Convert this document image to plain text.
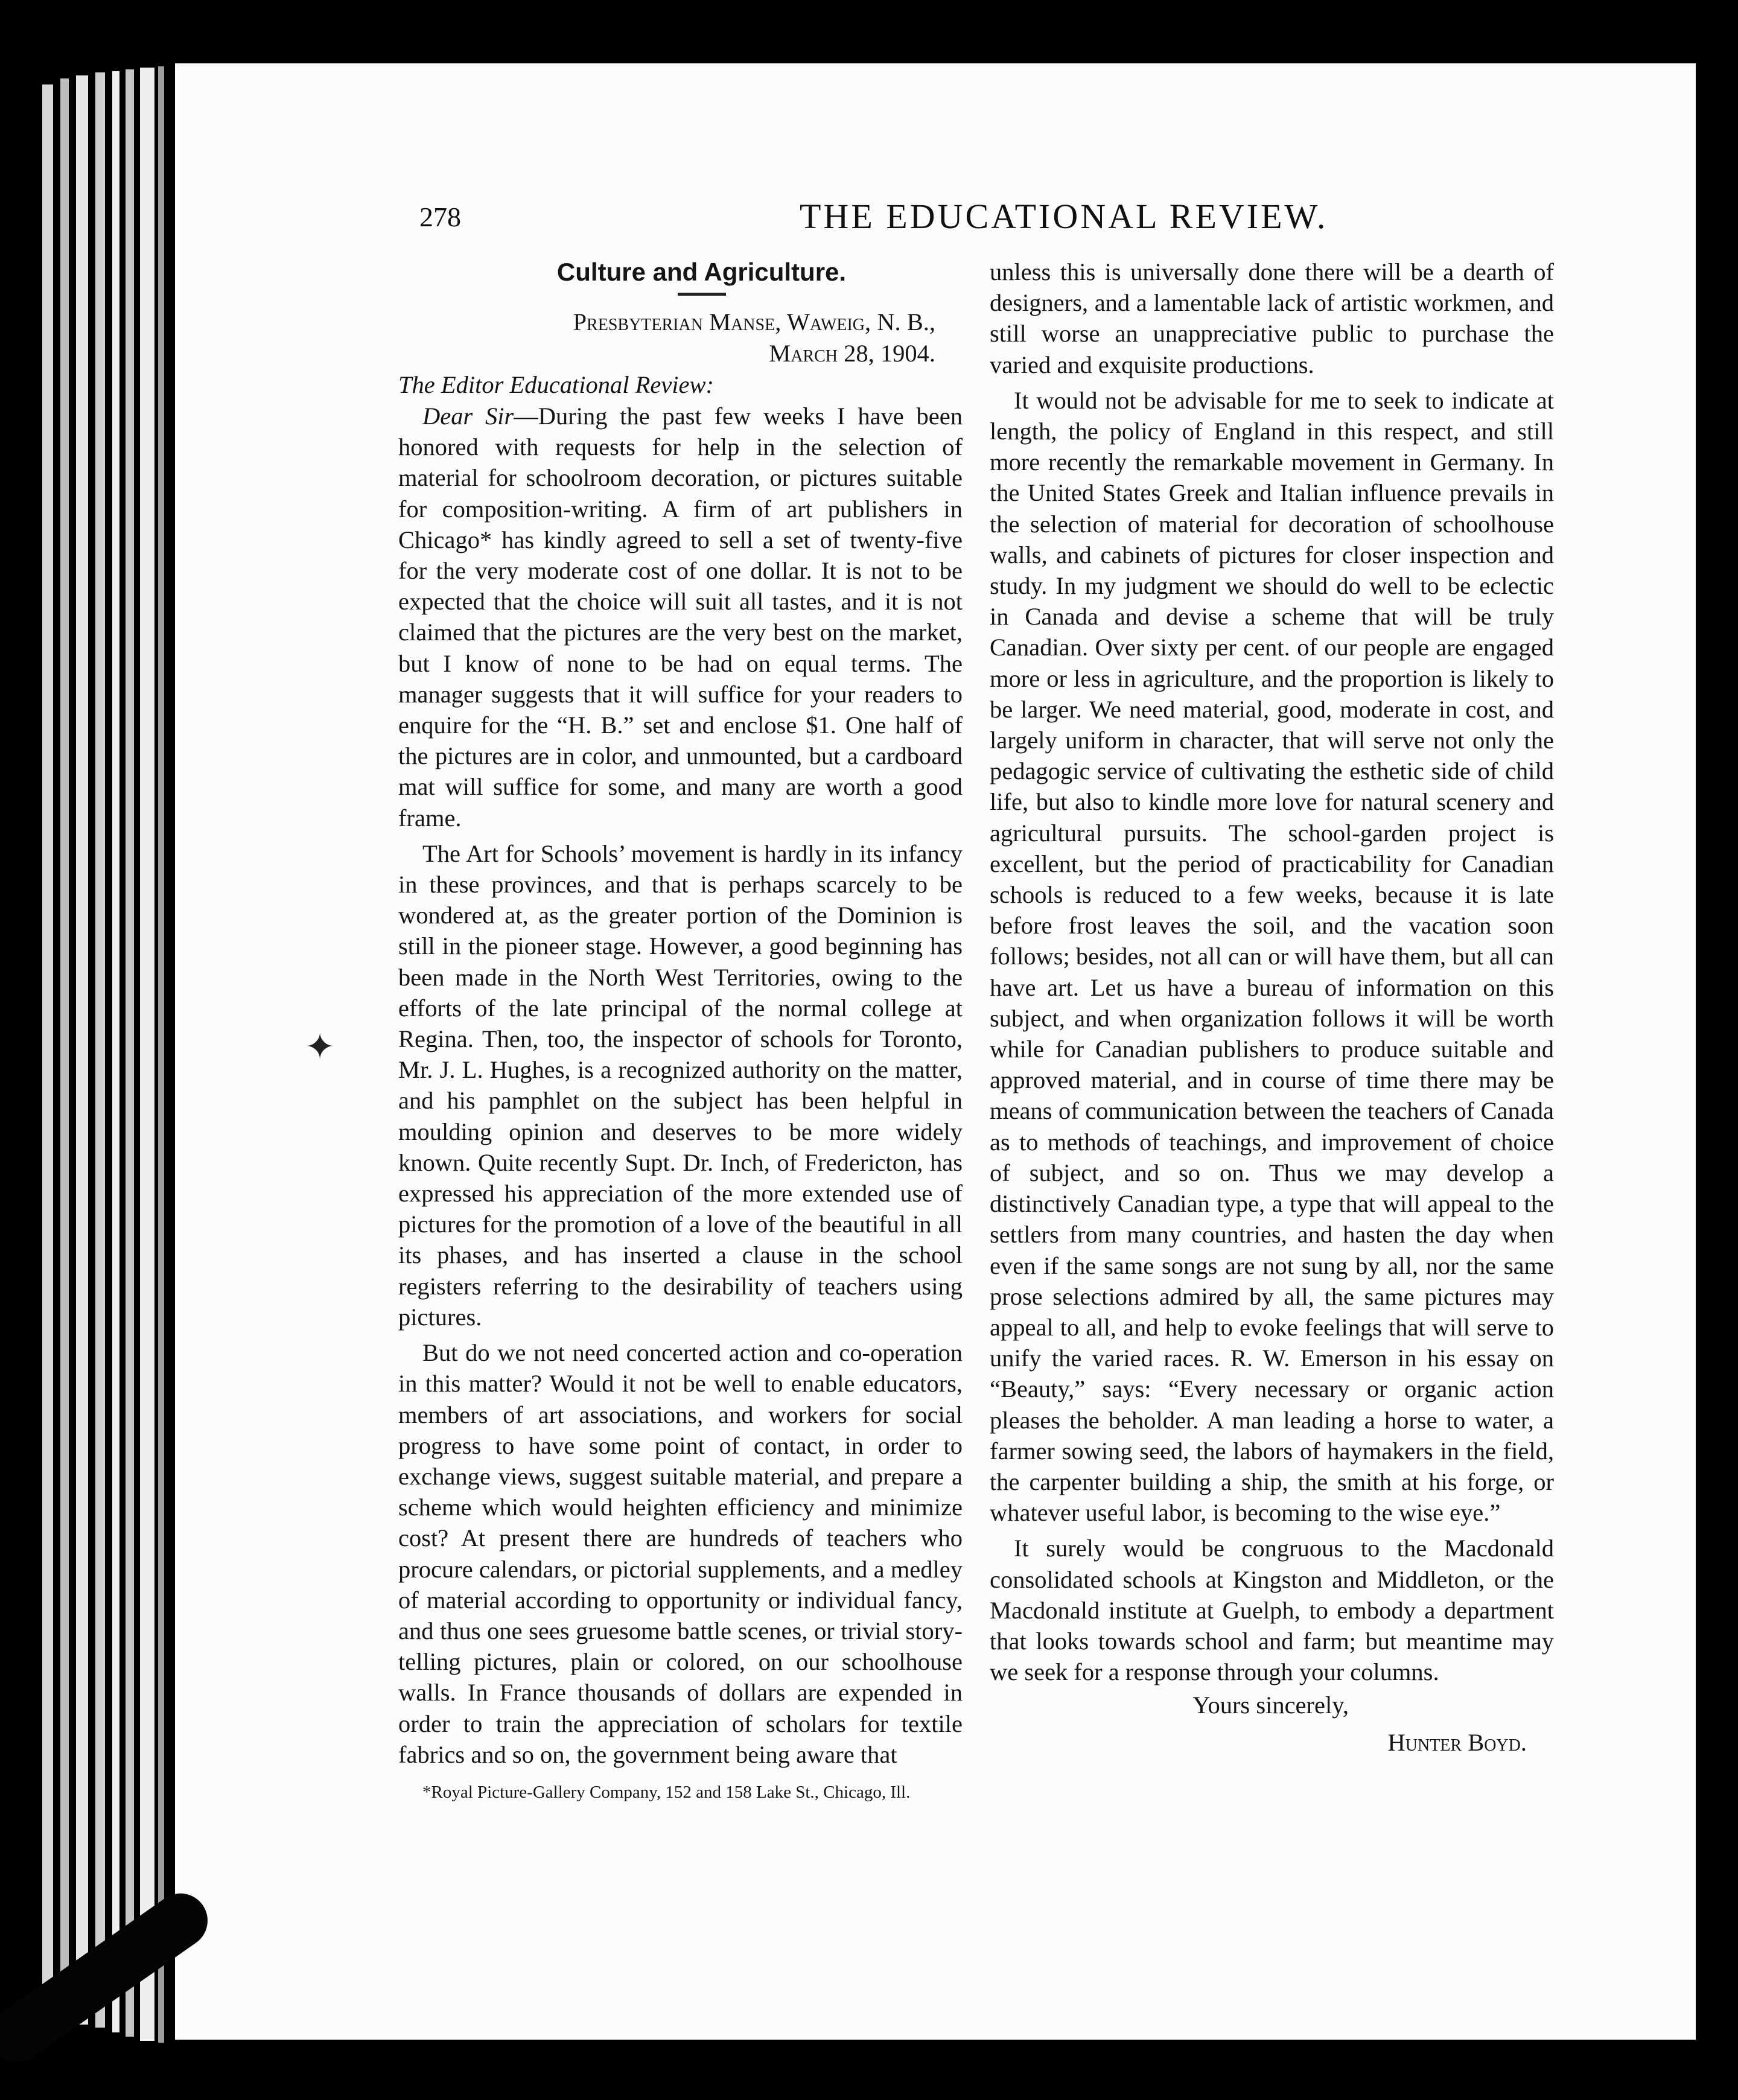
✦
278	THE EDUCATIONAL REVIEW.
Culture and Agriculture.
Presbyterian Manse, Waweig, N. B.,
March 28, 1904.
The Editor Educational Review:

Dear Sir—During the past few weeks I have been honored with requests for help in the selection of material for schoolroom decoration, or pictures suitable for composition-writing. A firm of art publishers in Chicago* has kindly agreed to sell a set of twenty-five for the very moderate cost of one dollar. It is not to be expected that the choice will suit all tastes, and it is not claimed that the pictures are the very best on the market, but I know of none to be had on equal terms. The manager suggests that it will suffice for your readers to enquire for the “H. B.” set and enclose $1. One half of the pictures are in color, and unmounted, but a cardboard mat will suffice for some, and many are worth a good frame.

The Art for Schools’ movement is hardly in its infancy in these provinces, and that is perhaps scarcely to be wondered at, as the greater portion of the Dominion is still in the pioneer stage. However, a good beginning has been made in the North West Territories, owing to the efforts of the late principal of the normal college at Regina. Then, too, the inspector of schools for Toronto, Mr. J. L. Hughes, is a recognized authority on the matter, and his pamphlet on the subject has been helpful in moulding opinion and deserves to be more widely known. Quite recently Supt. Dr. Inch, of Fredericton, has expressed his appreciation of the more extended use of pictures for the promotion of a love of the beautiful in all its phases, and has inserted a clause in the school registers referring to the desirability of teachers using pictures.

But do we not need concerted action and co-operation in this matter? Would it not be well to enable educators, members of art associations, and workers for social progress to have some point of contact, in order to exchange views, suggest suitable material, and prepare a scheme which would heighten efficiency and minimize cost? At present there are hundreds of teachers who procure calendars, or pictorial supplements, and a medley of material according to opportunity or individual fancy, and thus one sees gruesome battle scenes, or trivial story-telling pictures, plain or colored, on our schoolhouse walls. In France thousands of dollars are expended in order to train the appreciation of scholars for textile fabrics and so on, the government being aware that

*Royal Picture-Gallery Company, 152 and 158 Lake St., Chicago, Ill.

unless this is universally done there will be a dearth of designers, and a lamentable lack of artistic workmen, and still worse an unappreciative public to purchase the varied and exquisite productions.

It would not be advisable for me to seek to indicate at length, the policy of England in this respect, and still more recently the remarkable movement in Germany. In the United States Greek and Italian influence prevails in the selection of material for decoration of schoolhouse walls, and cabinets of pictures for closer inspection and study. In my judgment we should do well to be eclectic in Canada and devise a scheme that will be truly Canadian. Over sixty per cent. of our people are engaged more or less in agriculture, and the proportion is likely to be larger. We need material, good, moderate in cost, and largely uniform in character, that will serve not only the pedagogic service of cultivating the esthetic side of child life, but also to kindle more love for natural scenery and agricultural pursuits. The school-garden project is excellent, but the period of practicability for Canadian schools is reduced to a few weeks, because it is late before frost leaves the soil, and the vacation soon follows; besides, not all can or will have them, but all can have art. Let us have a bureau of information on this subject, and when organization follows it will be worth while for Canadian publishers to produce suitable and approved material, and in course of time there may be means of communication between the teachers of Canada as to methods of teachings, and improvement of choice of subject, and so on. Thus we may develop a distinctively Canadian type, a type that will appeal to the settlers from many countries, and hasten the day when even if the same songs are not sung by all, nor the same prose selections admired by all, the same pictures may appeal to all, and help to evoke feelings that will serve to unify the varied races. R. W. Emerson in his essay on “Beauty,” says: “Every necessary or organic action pleases the beholder. A man leading a horse to water, a farmer sowing seed, the labors of haymakers in the field, the carpenter building a ship, the smith at his forge, or whatever useful labor, is becoming to the wise eye.”

It surely would be congruous to the Macdonald consolidated schools at Kingston and Middleton, or the Macdonald institute at Guelph, to embody a department that looks towards school and farm; but meantime may we seek for a response through your columns.

Yours sincerely,
Hunter Boyd.
